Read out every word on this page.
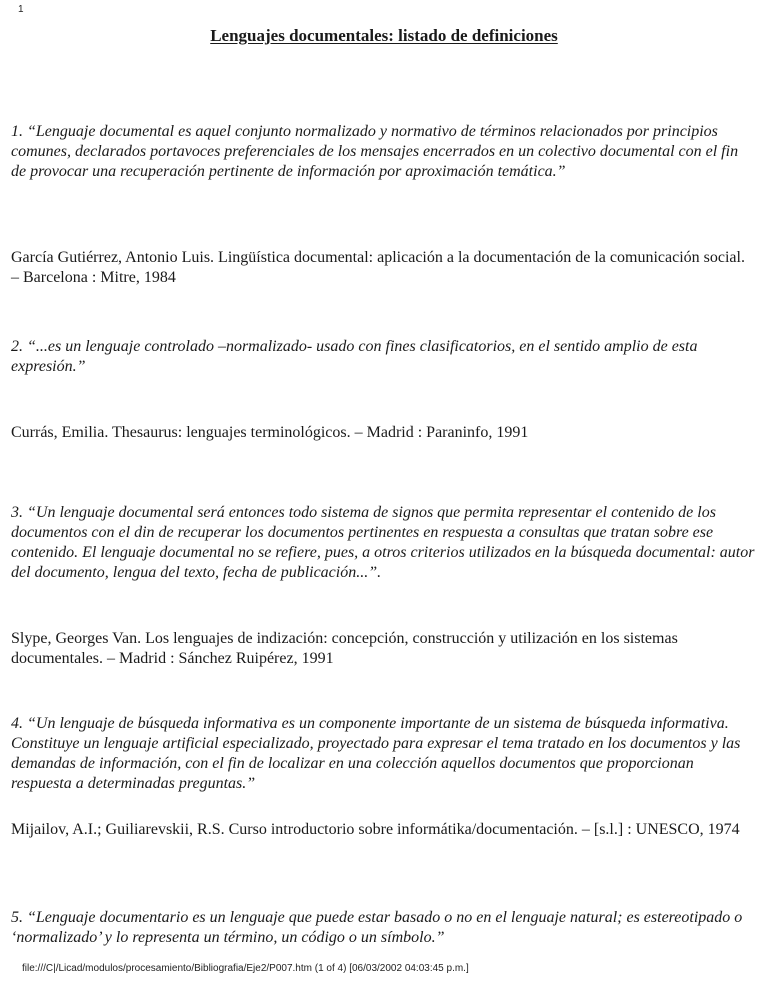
1
Lenguajes documentales: listado de definiciones
1. “Lenguaje documental es aquel conjunto normalizado y normativo de términos relacionados por principios comunes, declarados portavoces preferenciales de los mensajes encerrados en un colectivo documental con el fin de provocar una recuperación pertinente de información por aproximación temática.”
García Gutiérrez, Antonio Luis. Lingüística documental: aplicación a la documentación de la comunicación social. – Barcelona : Mitre, 1984
2. “...es un lenguaje controlado –normalizado- usado con fines clasificatorios, en el sentido amplio de esta expresión.”
Currás, Emilia. Thesaurus: lenguajes terminológicos. – Madrid : Paraninfo, 1991
3. “Un lenguaje documental será entonces todo sistema de signos que permita representar el contenido de los documentos con el din de recuperar los documentos pertinentes en respuesta a consultas que tratan sobre ese contenido. El lenguaje documental no se refiere, pues, a otros criterios utilizados en la búsqueda documental: autor del documento, lengua del texto, fecha de publicación...”.
Slype, Georges Van. Los lenguajes de indización: concepción, construcción y utilización en los sistemas documentales. – Madrid : Sánchez Ruipérez, 1991
4. “Un lenguaje de búsqueda informativa es un componente importante de un sistema de búsqueda informativa. Constituye un lenguaje artificial especializado, proyectado para expresar el tema tratado en los documentos y las demandas de información, con el fin de localizar en una colección aquellos documentos que proporcionan respuesta a determinadas preguntas.”
Mijailov, A.I.; Guiliarevskii, R.S. Curso introductorio sobre informátika/documentación. – [s.l.] : UNESCO, 1974
5. “Lenguaje documentario es un lenguaje que puede estar basado o no en el lenguaje natural; es estereotipado o ‘normalizado’ y lo representa un término, un código o un símbolo.”
file:///C|/Licad/modulos/procesamiento/Bibliografia/Eje2/P007.htm (1 of 4) [06/03/2002 04:03:45 p.m.]
